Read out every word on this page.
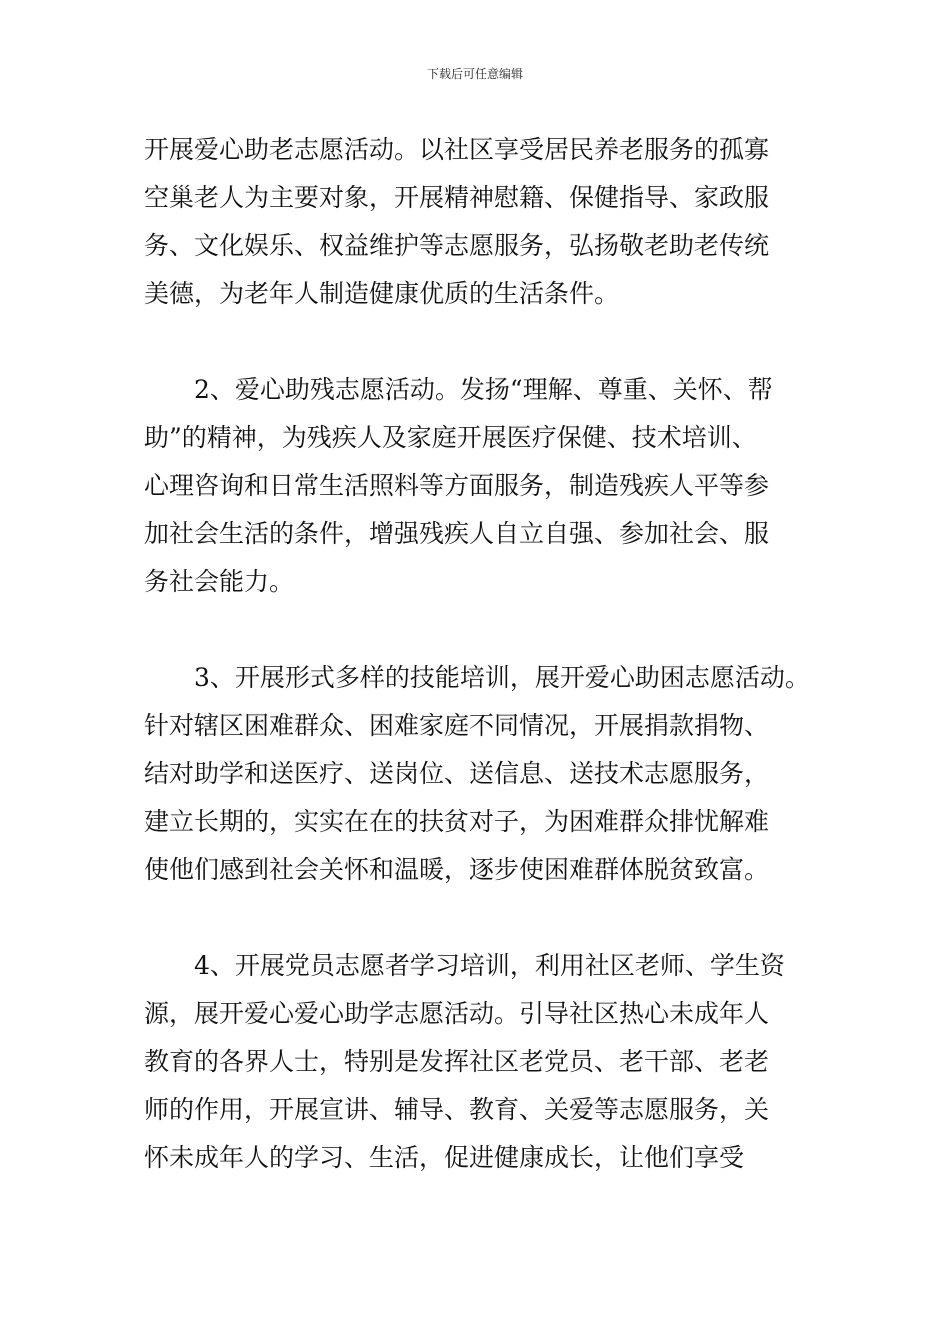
下载后可任意编辑
开展爱心助老志愿活动。以社区享受居民养老服务的孤寡
空巢老人为主要对象，开展精神慰籍、保健指导、家政服
务、文化娱乐、权益维护等志愿服务，弘扬敬老助老传统
美德，为老年人制造健康优质的生活条件。
2、爱心助残志愿活动。发扬“理解、尊重、关怀、帮
助”的精神，为残疾人及家庭开展医疗保健、技术培训、
心理咨询和日常生活照料等方面服务，制造残疾人平等参
加社会生活的条件，增强残疾人自立自强、参加社会、服
务社会能力。
3、开展形式多样的技能培训，展开爱心助困志愿活动。
针对辖区困难群众、困难家庭不同情况，开展捐款捐物、
结对助学和送医疗、送岗位、送信息、送技术志愿服务，
建立长期的，实实在在的扶贫对子，为困难群众排忧解难
使他们感到社会关怀和温暖，逐步使困难群体脱贫致富。
4、开展党员志愿者学习培训，利用社区老师、学生资
源，展开爱心爱心助学志愿活动。引导社区热心未成年人
教育的各界人士，特别是发挥社区老党员、老干部、老老
师的作用，开展宣讲、辅导、教育、关爱等志愿服务，关
怀未成年人的学习、生活，促进健康成长，让他们享受
